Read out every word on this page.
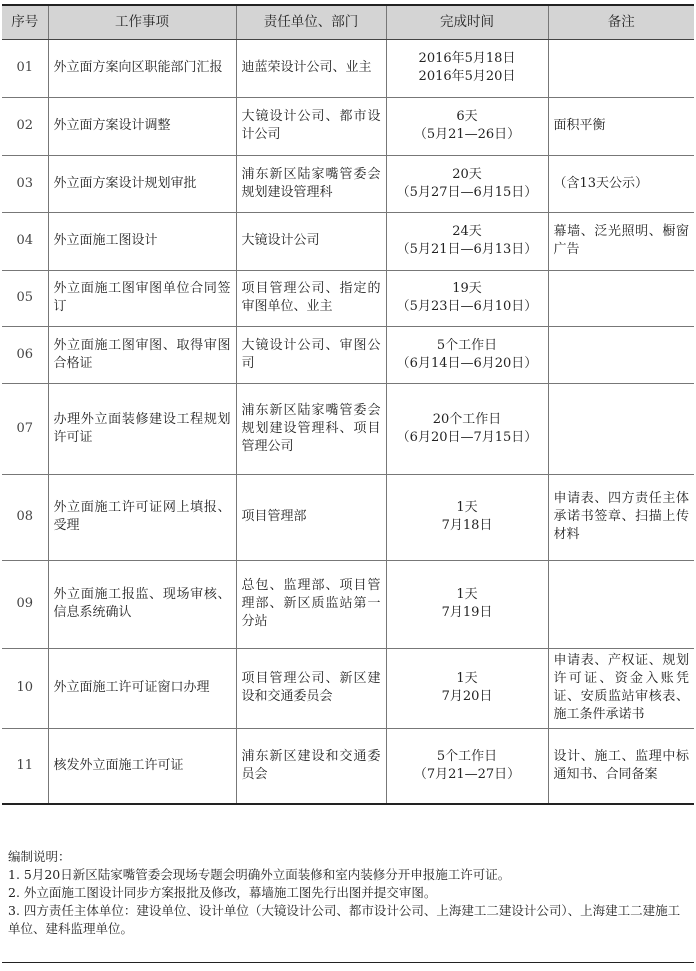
序号	工作事项	责任单位、部门	完成时间	备注
01	外立面方案向区职能部门汇报	迪蓝荣设计公司、业主	2016年5月18日
2016年5月20日	

02	外立面方案设计调整	大镜设计公司、都市设计公司	6天
（5月21—26日）	面积平衡

03	外立面方案设计规划审批	浦东新区陆家嘴管委会规划建设管理科	20天
（5月27日—6月15日）	（含13天公示）

04	外立面施工图设计	大镜设计公司	24天
（5月21日—6月13日）	幕墙、泛光照明、橱窗广告

05	外立面施工图审图单位合同签订	项目管理公司、指定的审图单位、业主	19天
（5月23日—6月10日）	

06	外立面施工图审图、取得审图合格证	大镜设计公司、审图公司	5个工作日
（6月14日—6月20日）	

07	办理外立面装修建设工程规划许可证	浦东新区陆家嘴管委会规划建设管理科、项目管理公司	20个工作日
（6月20日—7月15日）	

08	外立面施工许可证网上填报、受理	项目管理部	1天
7月18日	申请表、四方责任主体承诺书签章、扫描上传材料

09	外立面施工报监、现场审核、信息系统确认	总包、监理部、项目管理部、新区质监站第一分站	1天
7月19日	

10	外立面施工许可证窗口办理	项目管理公司、新区建设和交通委员会	1天
7月20日	申请表、产权证、规划许可证、资金入账凭证、安质监站审核表、施工条件承诺书

11	核发外立面施工许可证	浦东新区建设和交通委员会	5个工作日
（7月21—27日）	设计、施工、监理中标通知书、合同备案
编制说明：
1. 5月20日新区陆家嘴管委会现场专题会明确外立面装修和室内装修分开申报施工许可证。
2. 外立面施工图设计同步方案报批及修改，幕墙施工图先行出图并提交审图。
3. 四方责任主体单位：建设单位、设计单位（大镜设计公司、都市设计公司、上海建工二建设计公司）、上海建工二建施工单位、建科监理单位。
